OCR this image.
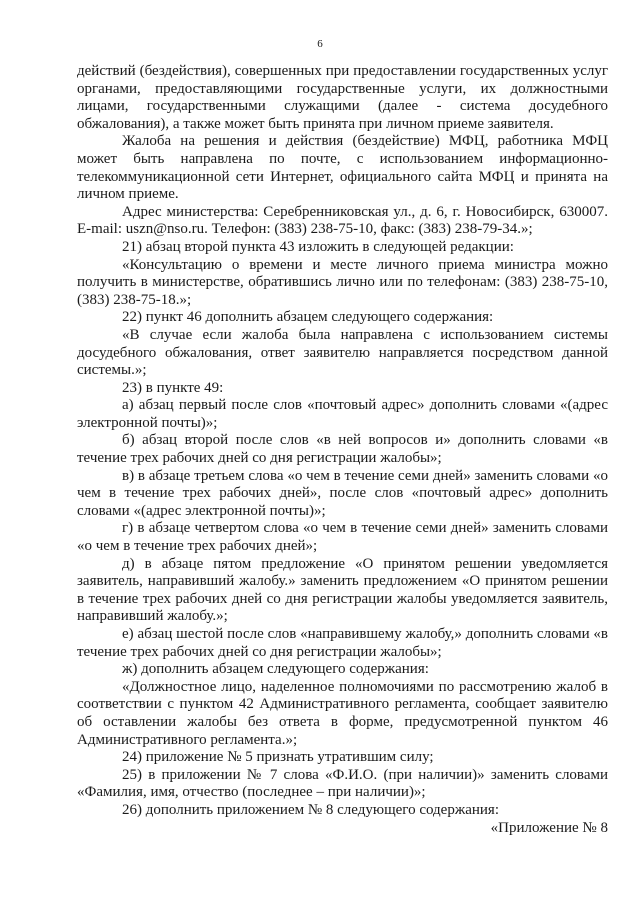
6

действий (бездействия), совершенных при предоставлении государственных услуг органами, предоставляющими государственные услуги, их должностными лицами, государственными служащими (далее - система досудебного обжалования), а также может быть принята при личном приеме заявителя.

Жалоба на решения и действия (бездействие) МФЦ, работника МФЦ может быть направлена по почте, с использованием информационно-телекоммуникационной сети Интернет, официального сайта МФЦ и принята на личном приеме.

Адрес министерства: Серебренниковская ул., д. 6, г. Новосибирск, 630007. E-mail: uszn@nso.ru. Телефон: (383) 238-75-10, факс: (383) 238-79-34.»;

21) абзац второй пункта 43 изложить в следующей редакции:

«Консультацию о времени и месте личного приема министра можно получить в министерстве, обратившись лично или по телефонам: (383) 238-75-10, (383) 238-75-18.»;

22) пункт 46 дополнить абзацем следующего содержания:

«В случае если жалоба была направлена с использованием системы досудебного обжалования, ответ заявителю направляется посредством данной системы.»;

23) в пункте 49:

а) абзац первый после слов «почтовый адрес» дополнить словами «(адрес электронной почты)»;

б) абзац второй после слов «в ней вопросов и» дополнить словами «в течение трех рабочих дней со дня регистрации жалобы»;

в) в абзаце третьем слова «о чем в течение семи дней» заменить словами «о чем в течение трех рабочих дней», после слов «почтовый адрес» дополнить словами «(адрес электронной почты)»;

г) в абзаце четвертом слова «о чем в течение семи дней» заменить словами «о чем в течение трех рабочих дней»;

д) в абзаце пятом предложение «О принятом решении уведомляется заявитель, направивший жалобу.» заменить предложением «О принятом решении в течение трех рабочих дней со дня регистрации жалобы уведомляется заявитель, направивший жалобу.»;

е) абзац шестой после слов «направившему жалобу,» дополнить словами «в течение трех рабочих дней со дня регистрации жалобы»;

ж) дополнить абзацем следующего содержания:

«Должностное лицо, наделенное полномочиями по рассмотрению жалоб в соответствии с пунктом 42 Административного регламента, сообщает заявителю об оставлении жалобы без ответа в форме, предусмотренной пунктом 46 Административного регламента.»;

24) приложение № 5 признать утратившим силу;

25) в приложении № 7 слова «Ф.И.О. (при наличии)» заменить словами «Фамилия, имя, отчество (последнее – при наличии)»;

26) дополнить приложением № 8 следующего содержания:

«Приложение № 8
